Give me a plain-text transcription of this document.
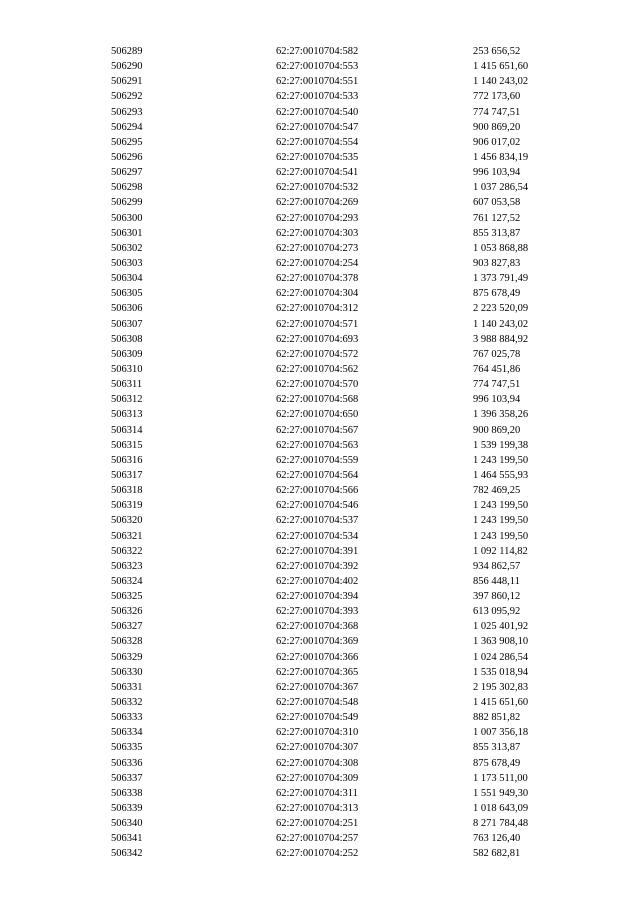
506289	62:27:0010704:582	253 656,52
506290	62:27:0010704:553	1 415 651,60
506291	62:27:0010704:551	1 140 243,02
506292	62:27:0010704:533	772 173,60
506293	62:27:0010704:540	774 747,51
506294	62:27:0010704:547	900 869,20
506295	62:27:0010704:554	906 017,02
506296	62:27:0010704:535	1 456 834,19
506297	62:27:0010704:541	996 103,94
506298	62:27:0010704:532	1 037 286,54
506299	62:27:0010704:269	607 053,58
506300	62:27:0010704:293	761 127,52
506301	62:27:0010704:303	855 313,87
506302	62:27:0010704:273	1 053 868,88
506303	62:27:0010704:254	903 827,83
506304	62:27:0010704:378	1 373 791,49
506305	62:27:0010704:304	875 678,49
506306	62:27:0010704:312	2 223 520,09
506307	62:27:0010704:571	1 140 243,02
506308	62:27:0010704:693	3 988 884,92
506309	62:27:0010704:572	767 025,78
506310	62:27:0010704:562	764 451,86
506311	62:27:0010704:570	774 747,51
506312	62:27:0010704:568	996 103,94
506313	62:27:0010704:650	1 396 358,26
506314	62:27:0010704:567	900 869,20
506315	62:27:0010704:563	1 539 199,38
506316	62:27:0010704:559	1 243 199,50
506317	62:27:0010704:564	1 464 555,93
506318	62:27:0010704:566	782 469,25
506319	62:27:0010704:546	1 243 199,50
506320	62:27:0010704:537	1 243 199,50
506321	62:27:0010704:534	1 243 199,50
506322	62:27:0010704:391	1 092 114,82
506323	62:27:0010704:392	934 862,57
506324	62:27:0010704:402	856 448,11
506325	62:27:0010704:394	397 860,12
506326	62:27:0010704:393	613 095,92
506327	62:27:0010704:368	1 025 401,92
506328	62:27:0010704:369	1 363 908,10
506329	62:27:0010704:366	1 024 286,54
506330	62:27:0010704:365	1 535 018,94
506331	62:27:0010704:367	2 195 302,83
506332	62:27:0010704:548	1 415 651,60
506333	62:27:0010704:549	882 851,82
506334	62:27:0010704:310	1 007 356,18
506335	62:27:0010704:307	855 313,87
506336	62:27:0010704:308	875 678,49
506337	62:27:0010704:309	1 173 511,00
506338	62:27:0010704:311	1 551 949,30
506339	62:27:0010704:313	1 018 643,09
506340	62:27:0010704:251	8 271 784,48
506341	62:27:0010704:257	763 126,40
506342	62:27:0010704:252	582 682,81
